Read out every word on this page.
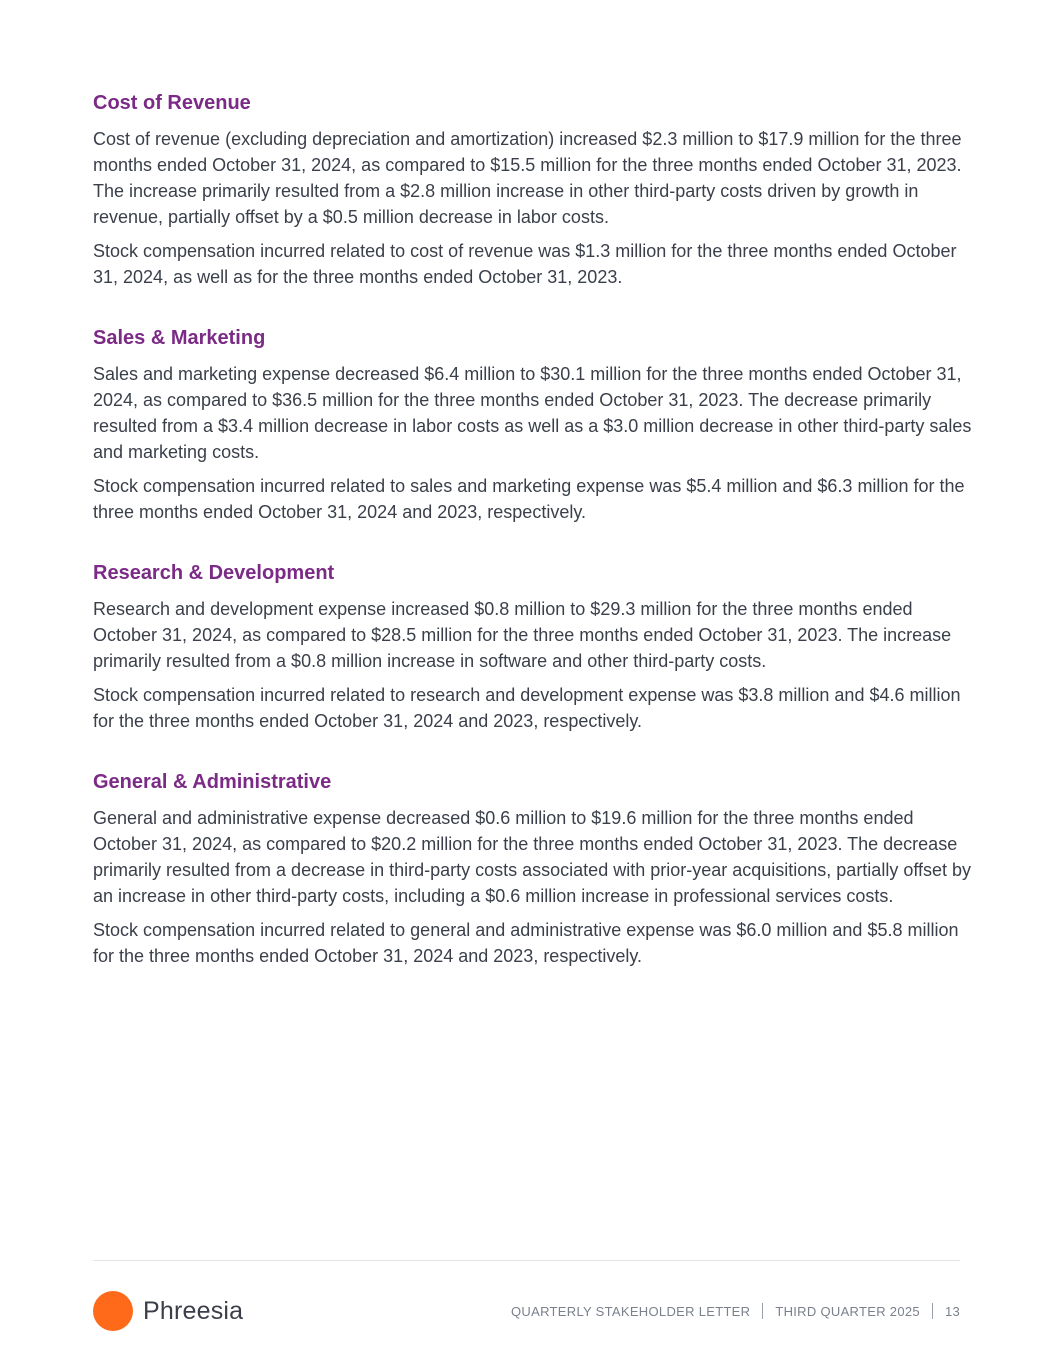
Cost of Revenue

Cost of revenue (excluding depreciation and amortization) increased $2.3 million to $17.9 million for the three months ended October 31, 2024, as compared to $15.5 million for the three months ended October 31, 2023. The increase primarily resulted from a $2.8 million increase in other third-party costs driven by growth in revenue, partially offset by a $0.5 million decrease in labor costs.

Stock compensation incurred related to cost of revenue was $1.3 million for the three months ended October 31, 2024, as well as for the three months ended October 31, 2023.

Sales & Marketing

Sales and marketing expense decreased $6.4 million to $30.1 million for the three months ended October 31, 2024, as compared to $36.5 million for the three months ended October 31, 2023. The decrease primarily resulted from a $3.4 million decrease in labor costs as well as a $3.0 million decrease in other third-party sales and marketing costs.

Stock compensation incurred related to sales and marketing expense was $5.4 million and $6.3 million for the three months ended October 31, 2024 and 2023, respectively.

Research & Development

Research and development expense increased $0.8 million to $29.3 million for the three months ended October 31, 2024, as compared to $28.5 million for the three months ended October 31, 2023. The increase primarily resulted from a $0.8 million increase in software and other third-party costs.

Stock compensation incurred related to research and development expense was $3.8 million and $4.6 million for the three months ended October 31, 2024 and 2023, respectively.

General & Administrative

General and administrative expense decreased $0.6 million to $19.6 million for the three months ended October 31, 2024, as compared to $20.2 million for the three months ended October 31, 2023. The decrease primarily resulted from a decrease in third-party costs associated with prior-year acquisitions, partially offset by an increase in other third-party costs, including a $0.6 million increase in professional services costs.

Stock compensation incurred related to general and administrative expense was $6.0 million and $5.8 million for the three months ended October 31, 2024 and 2023, respectively.

Phreesia	QUARTERLY STAKEHOLDER LETTER THIRD QUARTER 2025 13
